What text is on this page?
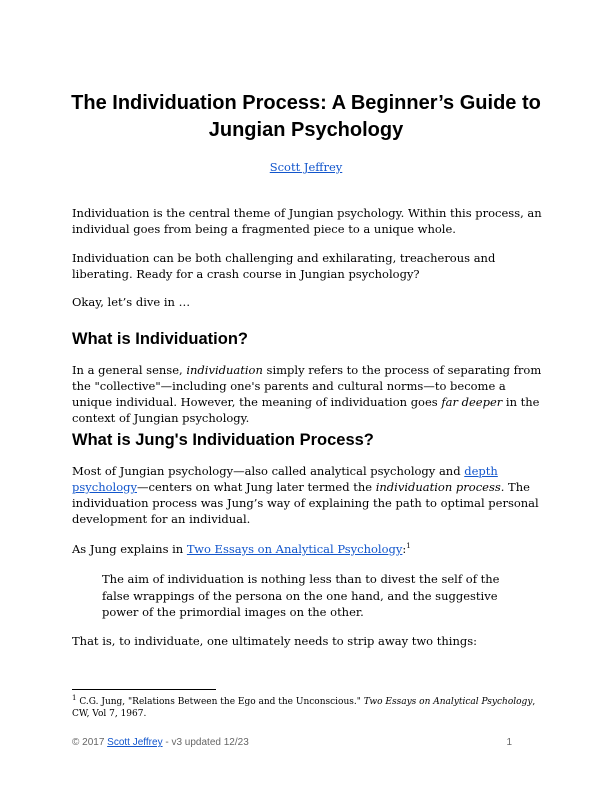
The Individuation Process: A Beginner’s Guide to Jungian Psychology
Scott Jeffrey

Individuation is the central theme of Jungian psychology. Within this process, an individual goes from being a fragmented piece to a unique whole.

Individuation can be both challenging and exhilarating, treacherous and liberating. Ready for a crash course in Jungian psychology?

Okay, let’s dive in …

What is Individuation?

In a general sense, individuation simply refers to the process of separating from the "collective"—including one's parents and cultural norms—to become a unique individual. However, the meaning of individuation goes far deeper in the context of Jungian psychology.

What is Jung's Individuation Process?

Most of Jungian psychology—also called analytical psychology and depth psychology—centers on what Jung later termed the individuation process. The individuation process was Jung’s way of explaining the path to optimal personal development for an individual.

As Jung explains in Two Essays on Analytical Psychology:$^1$

The aim of individuation is nothing less than to divest the self of the false wrappings of the persona on the one hand, and the suggestive power of the primordial images on the other.

That is, to individuate, one ultimately needs to strip away two things:

$^1$ C.G. Jung, "Relations Between the Ego and the Unconscious." Two Essays on Analytical Psychology, CW, Vol 7, 1967.
© 2017 Scott Jeffrey - v3 updated 12/23	1
